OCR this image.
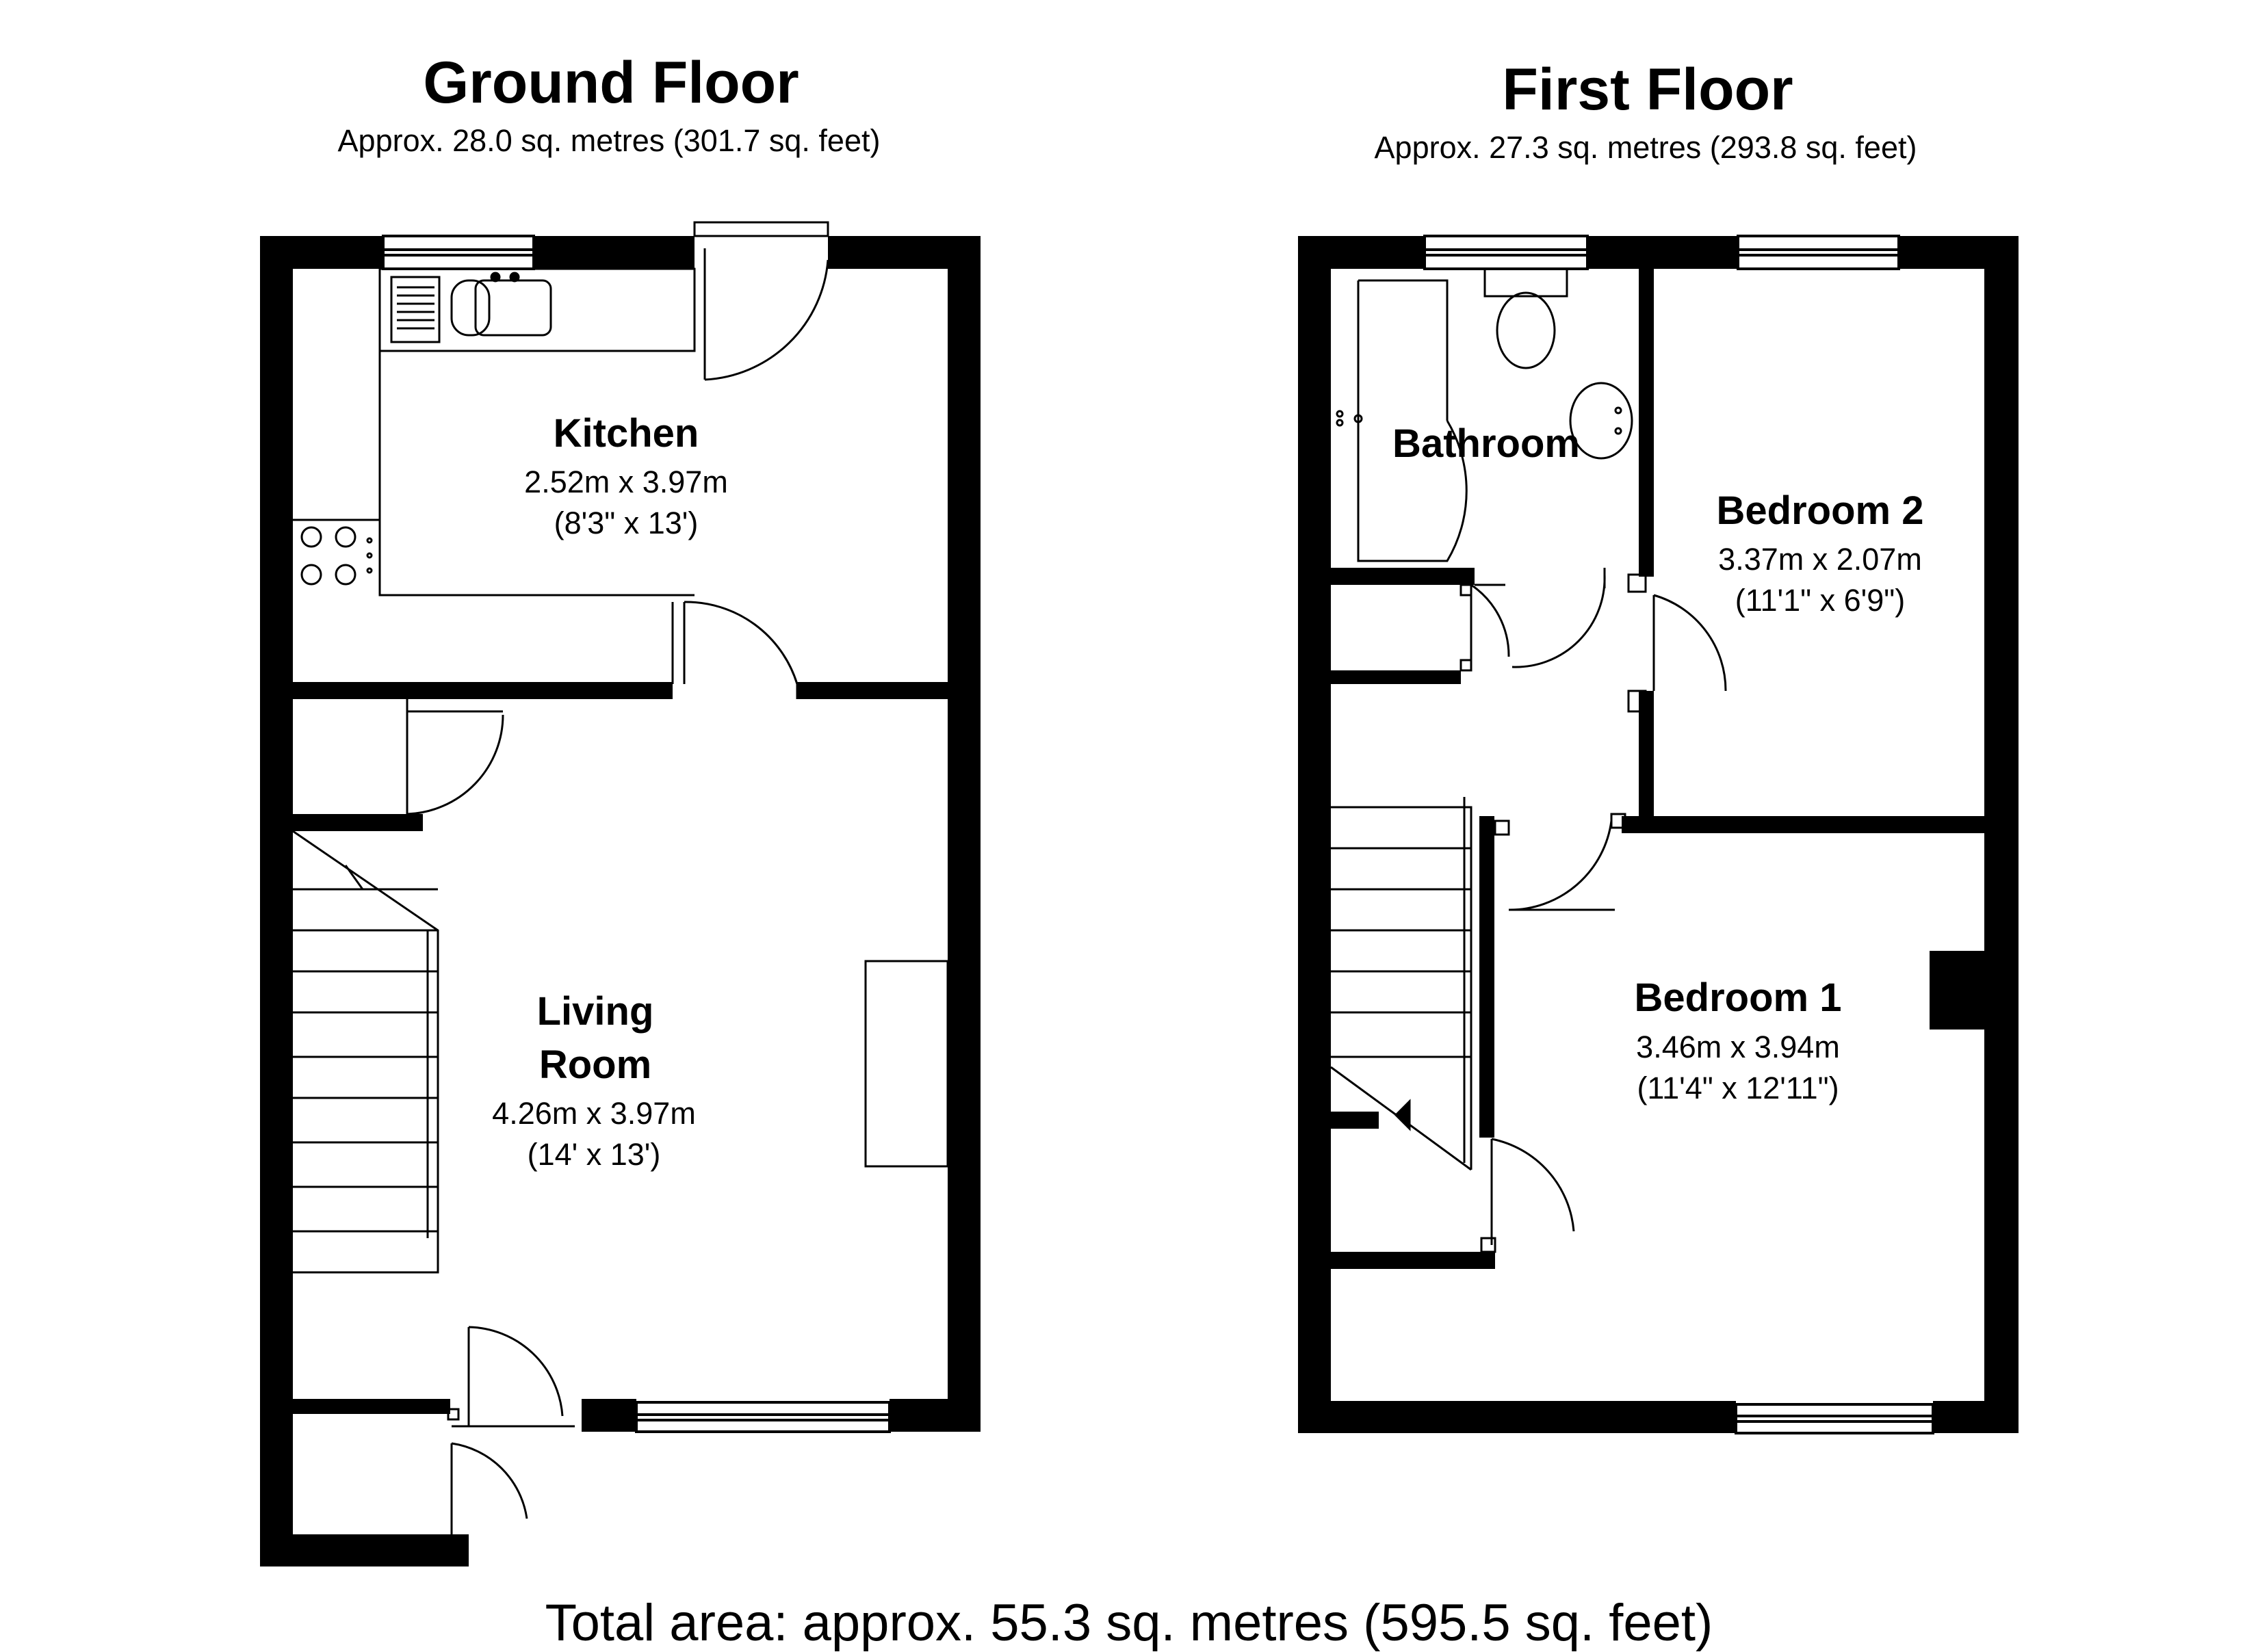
Ground Floor
Approx. 28.0 sq. metres (301.7 sq. feet)
First Floor
Approx. 27.3 sq. metres (293.8 sq. feet)
Kitchen
2.52m x 3.97m
(8'3" x 13')
Living
Room
4.26m x 3.97m
(14' x 13')
Bathroom
Bedroom 2
3.37m x 2.07m
(11'1" x 6'9")
Bedroom 1
3.46m x 3.94m
(11'4" x 12'11")
Total area: approx. 55.3 sq. metres (595.5 sq. feet)
